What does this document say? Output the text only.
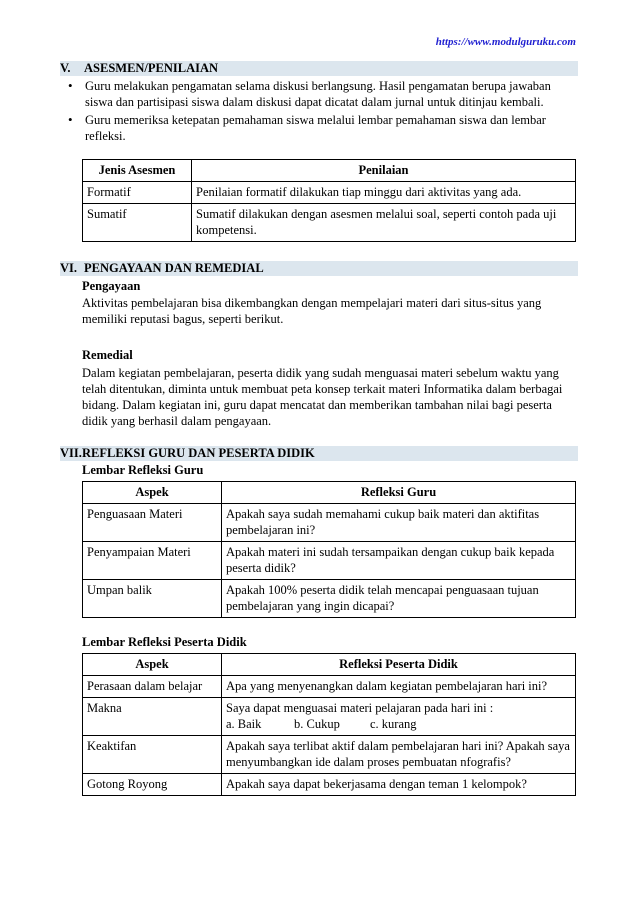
https://www.modulguruku.com
V. ASESMEN/PENILAIAN
• Guru melakukan pengamatan selama diskusi berlangsung. Hasil pengamatan berupa jawaban siswa dan partisipasi siswa dalam diskusi dapat dicatat dalam jurnal untuk ditinjau kembali.
• Guru memeriksa ketepatan pemahaman siswa melalui lembar pemahaman siswa dan lembar refleksi.
Jenis Asesmen	Penilaian
Formatif	Penilaian formatif dilakukan tiap minggu dari aktivitas yang ada.
Sumatif	Sumatif dilakukan dengan asesmen melalui soal, seperti contoh pada uji kompetensi.
VI. PENGAYAAN DAN REMEDIAL
Pengayaan

Aktivitas pembelajaran bisa dikembangkan dengan mempelajari materi dari situs-situs yang memiliki reputasi bagus, seperti berikut.

Remedial

Dalam kegiatan pembelajaran, peserta didik yang sudah menguasai materi sebelum waktu yang telah ditentukan, diminta untuk membuat peta konsep terkait materi Informatika dalam berbagai bidang. Dalam kegiatan ini, guru dapat mencatat dan memberikan tambahan nilai bagi peserta didik yang berhasil dalam pengayaan.

VII.REFLEKSI GURU DAN PESERTA DIDIK
Lembar Refleksi Guru
Aspek	Refleksi Guru
Penguasaan Materi	Apakah saya sudah memahami cukup baik materi dan aktifitas pembelajaran ini?
Penyampaian Materi	Apakah materi ini sudah tersampaikan dengan cukup baik kepada peserta didik?
Umpan balik	Apakah 100% peserta didik telah mencapai penguasaan tujuan pembelajaran yang ingin dicapai?
Lembar Refleksi Peserta Didik
Aspek	Refleksi Peserta Didik
Perasaan dalam belajar	Apa yang menyenangkan dalam kegiatan pembelajaran hari ini?
Makna	Saya dapat menguasai materi pelajaran pada hari ini :
a. Baik b. Cukup c. kurang

Keaktifan	Apakah saya terlibat aktif dalam pembelajaran hari ini? Apakah saya menyumbangkan ide dalam proses pembuatan nfografis?
Gotong Royong	Apakah saya dapat bekerjasama dengan teman 1 kelompok?
